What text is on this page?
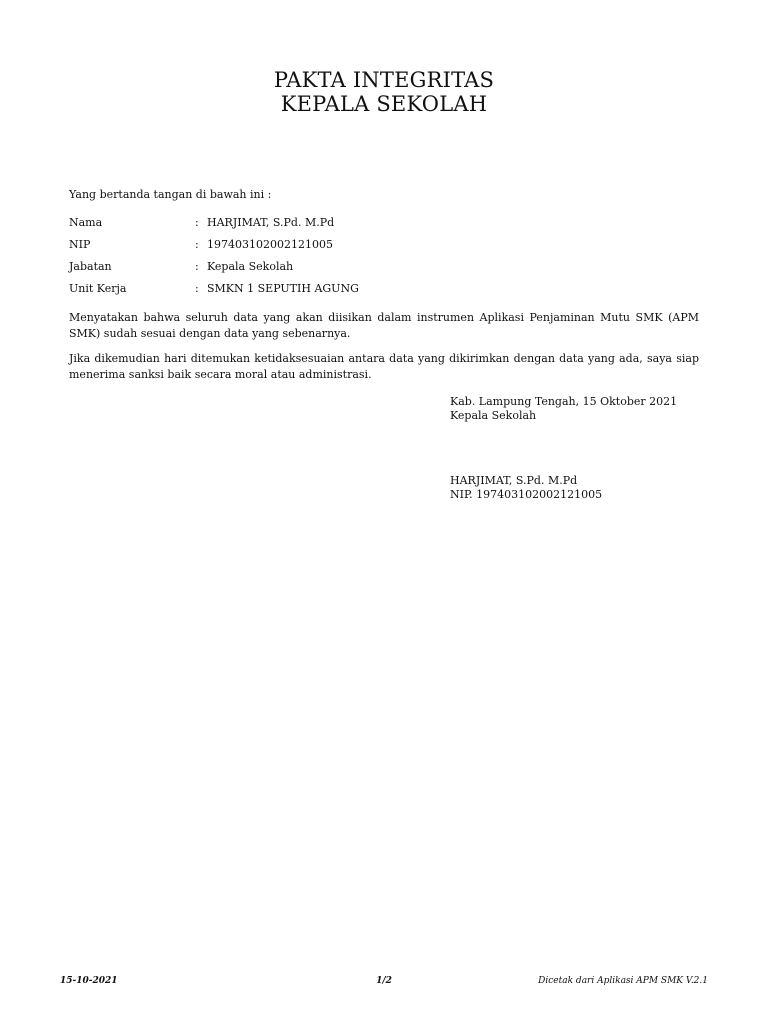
PAKTA INTEGRITAS
KEPALA SEKOLAH
Yang bertanda tangan di bawah ini :
Nama	: HARJIMAT, S.Pd. M.Pd
NIP	: 197403102002121005
Jabatan	: Kepala Sekolah
Unit Kerja	: SMKN 1 SEPUTIH AGUNG
Menyatakan bahwa seluruh data yang akan diisikan dalam instrumen Aplikasi Penjaminan Mutu SMK (APM SMK) sudah sesuai dengan data yang sebenarnya.
Jika dikemudian hari ditemukan ketidaksesuaian antara data yang dikirimkan dengan data yang ada, saya siap menerima sanksi baik secara moral atau administrasi.
Kab. Lampung Tengah, 15 Oktober 2021
Kepala Sekolah
HARJIMAT, S.Pd. M.Pd
NIP. 197403102002121005
15-10-2021	1/2	Dicetak dari Aplikasi APM SMK V.2.1
